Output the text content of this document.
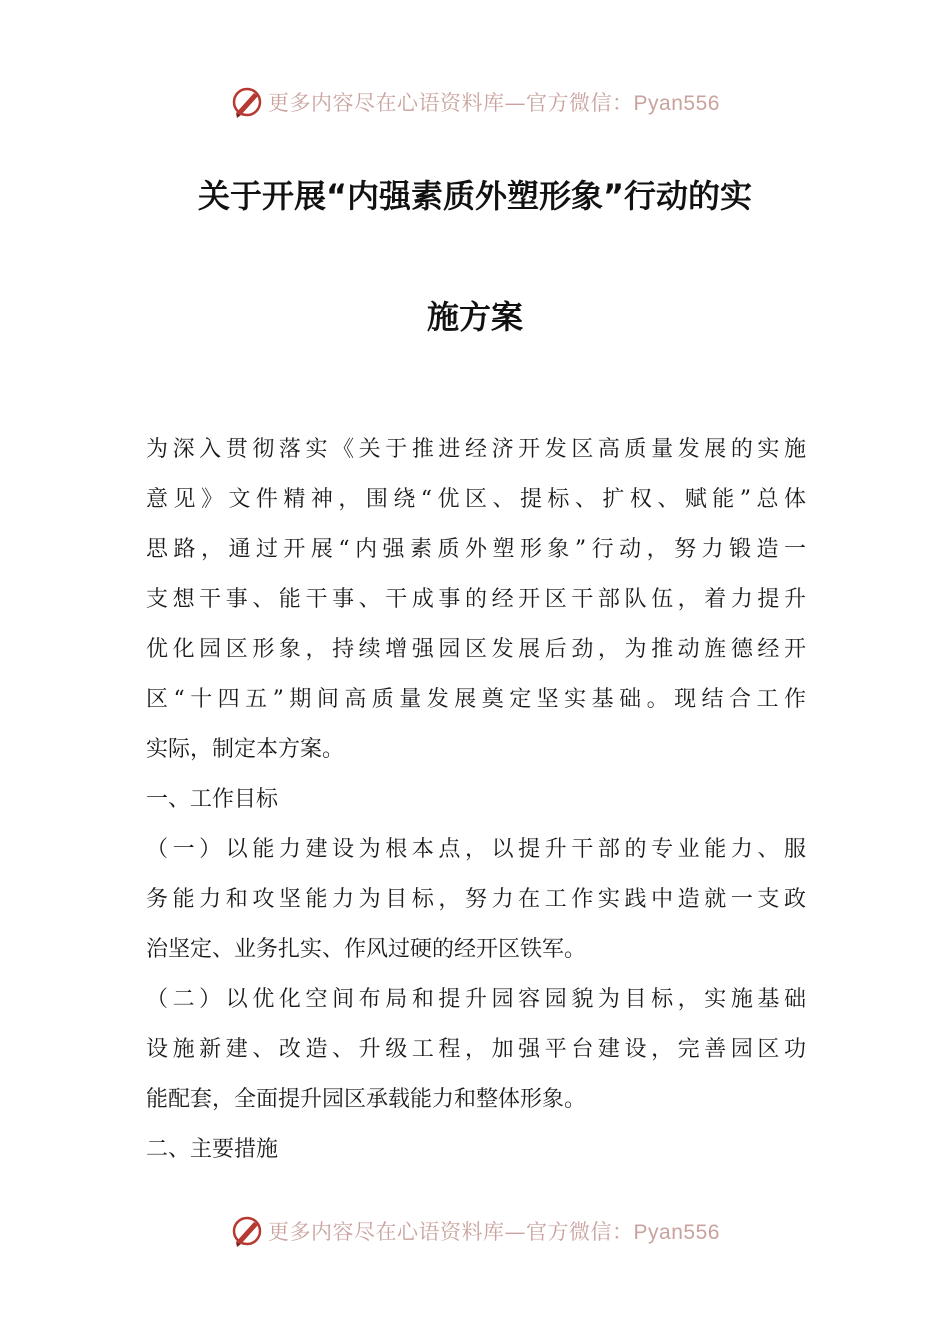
更多内容尽在心语资料库—官方微信：Pyan556
关于开展“内强素质外塑形象”行动的实
施方案
为深入贯彻落实《关于推进经济开发区高质量发展的实施
意见》文件精神，围绕“优区、提标、扩权、赋能”总体
思路，通过开展“内强素质外塑形象”行动，努力锻造一
支想干事、能干事、干成事的经开区干部队伍，着力提升
优化园区形象，持续增强园区发展后劲，为推动旌德经开
区“十四五”期间高质量发展奠定坚实基础。现结合工作
实际，制定本方案。
一、工作目标
（一）以能力建设为根本点，以提升干部的专业能力、服
务能力和攻坚能力为目标，努力在工作实践中造就一支政
治坚定、业务扎实、作风过硬的经开区铁军。
（二）以优化空间布局和提升园容园貌为目标，实施基础
设施新建、改造、升级工程，加强平台建设，完善园区功
能配套，全面提升园区承载能力和整体形象。
二、主要措施
更多内容尽在心语资料库—官方微信：Pyan556
